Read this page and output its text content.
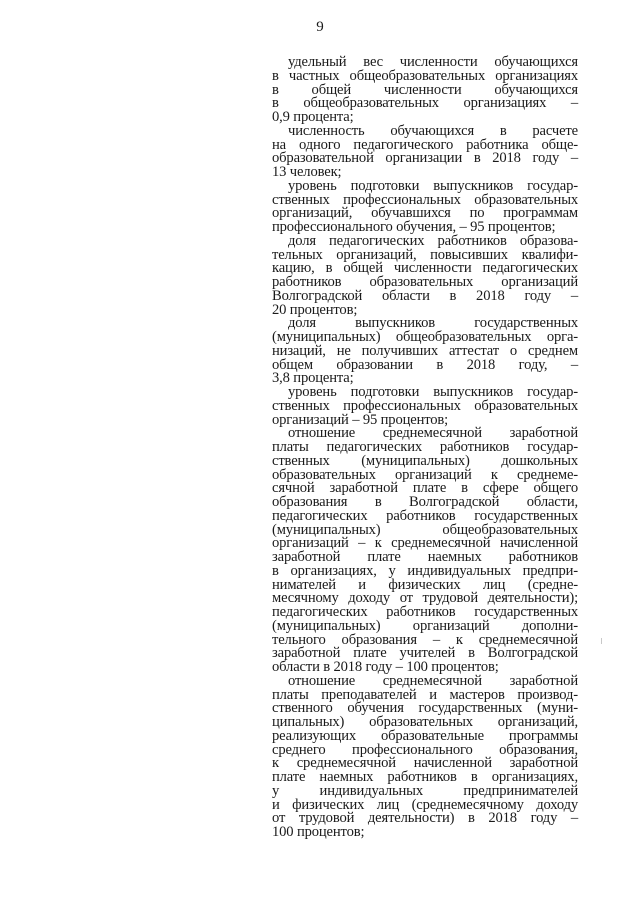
9
удельный вес численности обучающихся
в частных общеобразовательных организациях
в общей численности обучающихся
в общеобразовательных организациях –
0,9 процента;
численность обучающихся в расчете
на одного педагогического работника обще-
образовательной организации в 2018 году –
13 человек;
уровень подготовки выпускников государ-
ственных профессиональных образовательных
организаций, обучавшихся по программам
профессионального обучения, – 95 процентов;
доля педагогических работников образова-
тельных организаций, повысивших квалифи-
кацию, в общей численности педагогических
работников образовательных организаций
Волгоградской области в 2018 году –
20 процентов;
доля выпускников государственных
(муниципальных) общеобразовательных орга-
низаций, не получивших аттестат о среднем
общем образовании в 2018 году, –
3,8 процента;
уровень подготовки выпускников государ-
ственных профессиональных образовательных
организаций – 95 процентов;
отношение среднемесячной заработной
платы педагогических работников государ-
ственных (муниципальных) дошкольных
образовательных организаций к среднеме-
сячной заработной плате в сфере общего
образования в Волгоградской области,
педагогических работников государственных
(муниципальных) общеобразовательных
организаций – к среднемесячной начисленной
заработной плате наемных работников
в организациях, у индивидуальных предпри-
нимателей и физических лиц (средне-
месячному доходу от трудовой деятельности);
педагогических работников государственных
(муниципальных) организаций дополни-
тельного образования – к среднемесячной
заработной плате учителей в Волгоградской
области в 2018 году – 100 процентов;
отношение среднемесячной заработной
платы преподавателей и мастеров производ-
ственного обучения государственных (муни-
ципальных) образовательных организаций,
реализующих образовательные программы
среднего профессионального образования,
к среднемесячной начисленной заработной
плате наемных работников в организациях,
у индивидуальных предпринимателей
и физических лиц (среднемесячному доходу
от трудовой деятельности) в 2018 году –
100 процентов;
